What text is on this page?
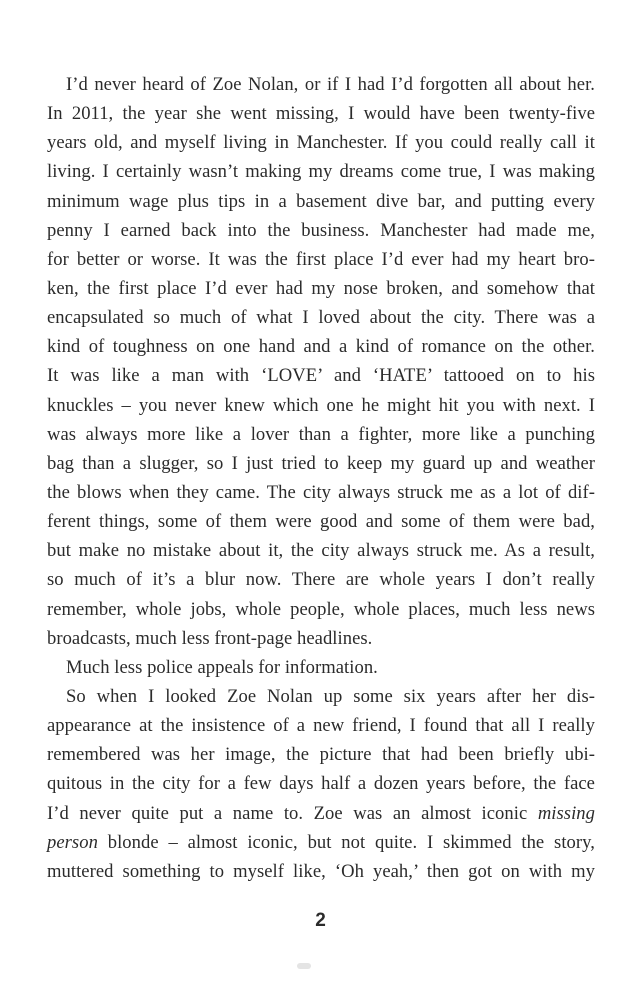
I’d never heard of Zoe Nolan, or if I had I’d forgotten all about her.
In 2011, the year she went missing, I would have been twenty-five
years old, and myself living in Manchester. If you could really call it
living. I certainly wasn’t making my dreams come true, I was making
minimum wage plus tips in a basement dive bar, and putting every
penny I earned back into the business. Manchester had made me,
for better or worse. It was the first place I’d ever had my heart bro-
ken, the first place I’d ever had my nose broken, and somehow that
encapsulated so much of what I loved about the city. There was a
kind of toughness on one hand and a kind of romance on the other.
It was like a man with ‘LOVE’ and ‘HATE’ tattooed on to his
knuckles – you never knew which one he might hit you with next. I
was always more like a lover than a fighter, more like a punching
bag than a slugger, so I just tried to keep my guard up and weather
the blows when they came. The city always struck me as a lot of dif-
ferent things, some of them were good and some of them were bad,
but make no mistake about it, the city always struck me. As a result,
so much of it’s a blur now. There are whole years I don’t really
remember, whole jobs, whole people, whole places, much less news
broadcasts, much less front-page headlines.
Much less police appeals for information.
So when I looked Zoe Nolan up some six years after her dis-
appearance at the insistence of a new friend, I found that all I really
remembered was her image, the picture that had been briefly ubi-
quitous in the city for a few days half a dozen years before, the face
I’d never quite put a name to. Zoe was an almost iconic missing
person blonde – almost iconic, but not quite. I skimmed the story,
muttered something to myself like, ‘Oh yeah,’ then got on with my
2
